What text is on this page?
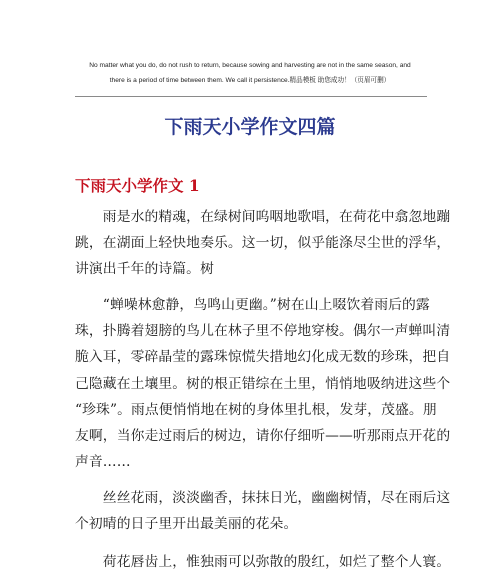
No matter what you do, do not rush to return, because sowing and harvesting are not in the same season, and
there is a period of time between them. We call it persistence.精品模板 助您成功！（页眉可删）
下雨天小学作文四篇
下雨天小学作文 1

　　雨是水的精魂，在绿树间呜咽地歌唱，在荷花中翕忽地蹦
跳，在湖面上轻快地奏乐。这一切，似乎能涤尽尘世的浮华，
讲演出千年的诗篇。树

　　“蝉噪林愈静，鸟鸣山更幽。”树在山上啜饮着雨后的露
珠，扑腾着翅膀的鸟儿在林子里不停地穿梭。偶尔一声蝉叫清
脆入耳，零碎晶莹的露珠惊慌失措地幻化成无数的珍珠，把自
己隐藏在土壤里。树的根正错综在土里，悄悄地吸纳进这些个
“珍珠”。雨点便悄悄地在树的身体里扎根，发芽，茂盛。朋
友啊，当你走过雨后的树边，请你仔细听——听那雨点开花的
声音……

　　丝丝花雨，淡淡幽香，抹抹日光，幽幽树情，尽在雨后这
个初晴的日子里开出最美丽的花朵。

　　荷花唇齿上，惟独雨可以弥散的殷红，如烂了整个人寰。
